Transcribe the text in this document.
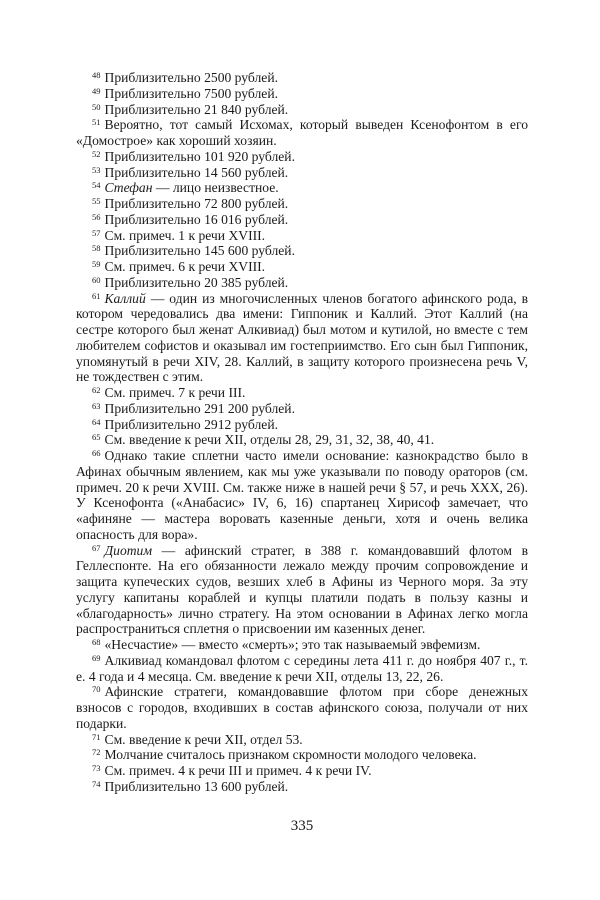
$^{48}$ Приблизительно 2500 рублей.

$^{49}$ Приблизительно 7500 рублей.

$^{50}$ Приблизительно 21 840 рублей.

$^{51}$ Вероятно, тот самый Исхомах, который выведен Ксенофонтом в его «Домострое» как хороший хозяин.

$^{52}$ Приблизительно 101 920 рублей.

$^{53}$ Приблизительно 14 560 рублей.

$^{54}$ Стефан — лицо неизвестное.

$^{55}$ Приблизительно 72 800 рублей.

$^{56}$ Приблизительно 16 016 рублей.

$^{57}$ См. примеч. 1 к речи XVIII.

$^{58}$ Приблизительно 145 600 рублей.

$^{59}$ См. примеч. 6 к речи XVIII.

$^{60}$ Приблизительно 20 385 рублей.

$^{61}$ Каллий — один из многочисленных членов богатого афинского рода, в котором чередовались два имени: Гиппоник и Каллий. Этот Каллий (на сестре которого был женат Алкивиад) был мотом и кутилой, но вместе с тем любителем софистов и оказывал им гостеприимство. Его сын был Гиппоник, упомянутый в речи XIV, 28. Каллий, в защиту которого произнесена речь V, не тождествен с этим.

$^{62}$ См. примеч. 7 к речи III.

$^{63}$ Приблизительно 291 200 рублей.

$^{64}$ Приблизительно 2912 рублей.

$^{65}$ См. введение к речи XII, отделы 28, 29, 31, 32, 38, 40, 41.

$^{66}$ Однако такие сплетни часто имели основание: казнокрадство было в Афинах обычным явлением, как мы уже указывали по поводу ораторов (см. примеч. 20 к речи XVIII. См. также ниже в нашей речи § 57, и речь XXX, 26). У Ксенофонта («Анабасис» IV, 6, 16) спартанец Хирисоф замечает, что «афиняне — мастера воровать казенные деньги, хотя и очень велика опасность для вора».

$^{67}$ Диотим — афинский стратег, в 388 г. командовавший флотом в Геллеспонте. На его обязанности лежало между прочим сопровождение и защита купеческих судов, везших хлеб в Афины из Черного моря. За эту услугу капитаны кораблей и купцы платили подать в пользу казны и «благодарность» лично стратегу. На этом основании в Афинах легко могла распространиться сплетня о присвоении им казенных денег.

$^{68}$ «Несчастие» — вместо «смерть»; это так называемый эвфемизм.

$^{69}$ Алкивиад командовал флотом с середины лета 411 г. до ноября 407 г., т. е. 4 года и 4 месяца. См. введение к речи XII, отделы 13, 22, 26.

$^{70}$ Афинские стратеги, командовавшие флотом при сборе денежных взносов с городов, входивших в состав афинского союза, получали от них подарки.

$^{71}$ См. введение к речи XII, отдел 53.

$^{72}$ Молчание считалось признаком скромности молодого человека.

$^{73}$ См. примеч. 4 к речи III и примеч. 4 к речи IV.

$^{74}$ Приблизительно 13 600 рублей.

335
